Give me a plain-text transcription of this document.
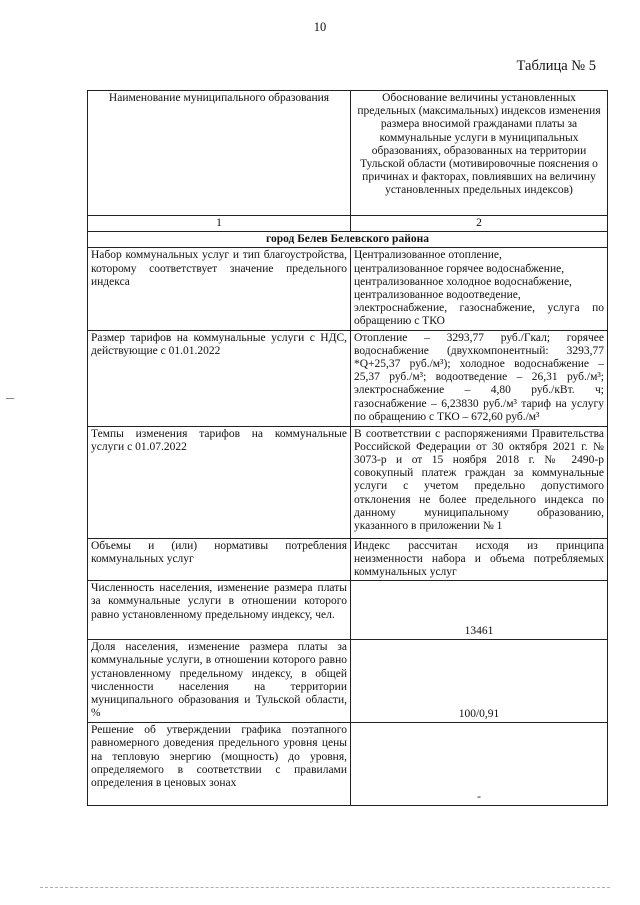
10
Таблица № 5
Наименование муниципального образования	Обоснование величины установленных предельных (максимальных) индексов изменения размера вносимой гражданами платы за коммунальные услуги в муниципальных образованиях, образованных на территории Тульской области (мотивировочные пояснения о причинах и факторах, повлиявших на величину установленных предельных индексов)
1	2
город Белев Белевского района	
Набор коммунальных услуг и тип благоустройства, которому соответствует значение предельного индекса	Централизованное отопление,
централизованное горячее водоснабжение,
централизованное холодное водоснабжение,
централизованное водоотведение,
электроснабжение, газоснабжение, услуга по обращению с ТКО
Размер тарифов на коммунальные услуги с НДС, действующие с 01.01.2022	Отопление – 3293,77 руб./Гкал; горячее водоснабжение (двухкомпонентный: 3293,77 *Q+25,37 руб./м³); холодное водоснабжение – 25,37 руб./м³; водоотведение – 26,31 руб./м³; электроснабжение – 4,80 руб./кВт. ч; газоснабжение – 6,23830 руб./м³ тариф на услугу по обращению с ТКО – 672,60 руб./м³
Темпы изменения тарифов на коммунальные услуги с 01.07.2022	В соответствии с распоряжениями Правительства Российской Федерации от 30 октября 2021 г. № 3073-р и от 15 ноября 2018 г. № 2490-р совокупный платеж граждан за коммунальные услуги с учетом предельно допустимого отклонения не более предельного индекса по данному муниципальному образованию, указанного в приложении № 1
Объемы и (или) нормативы потребления коммунальных услуг	Индекс рассчитан исходя из принципа неизменности набора и объема потребляемых коммунальных услуг
Численность населения, изменение размера платы за коммунальные услуги в отношении которого равно установленному предельному индексу, чел.	13461
Доля населения, изменение размера платы за коммунальные услуги, в отношении которого равно установленному предельному индексу, в общей численности населения на территории муниципального образования и Тульской области, %	100/0,91
Решение об утверждении графика поэтапного равномерного доведения предельного уровня цены на тепловую энергию (мощность) до уровня, определяемого в соответствии с правилами определения в ценовых зонах	-
